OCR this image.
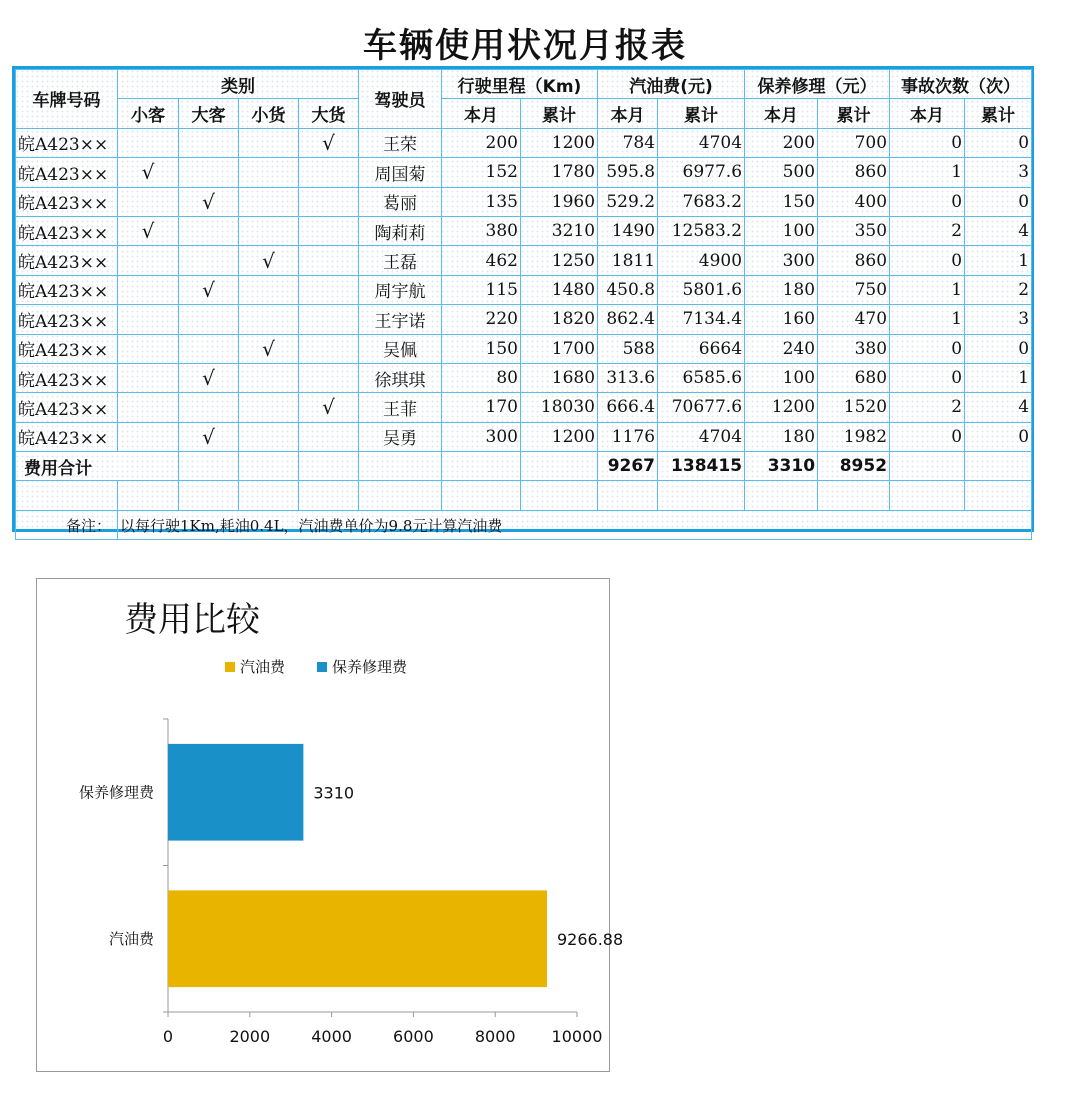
车辆使用状况月报表
车牌号码	类别				驾驶员	行驶里程（Km)		汽油费(元)		保养修理（元）		事故次数（次）	
	小客	大客	小货	大货		本月	累计	本月	累计	本月	累计	本月	累计
皖A423××				√	王荣	200	1200	784	4704	200	700	0	0
皖A423××	√				周国菊	152	1780	595.8	6977.6	500	860	1	3
皖A423××		√			葛丽	135	1960	529.2	7683.2	150	400	0	0
皖A423××	√				陶莉莉	380	3210	1490	12583.2	100	350	2	4
皖A423××			√		王磊	462	1250	1811	4900	300	860	0	1
皖A423××		√			周宇航	115	1480	450.8	5801.6	180	750	1	2
皖A423××					王宇诺	220	1820	862.4	7134.4	160	470	1	3
皖A423××			√		吴佩	150	1700	588	6664	240	380	0	0
皖A423××		√			徐琪琪	80	1680	313.6	6585.6	100	680	0	1
皖A423××				√	王菲	170	18030	666.4	70677.6	1200	1520	2	4
皖A423××		√			吴勇	300	1200	1176	4704	180	1982	0	0
费用合计								9267	138415	3310	8952		

备注：	以每行驶1Km,耗油0.4L，汽油费单价为9.8元计算汽油费												
费用比较
汽油费	保养修理费
保养修理费
汽油费	9266.88
3310
0	2000	4000	6000	8000 10000
